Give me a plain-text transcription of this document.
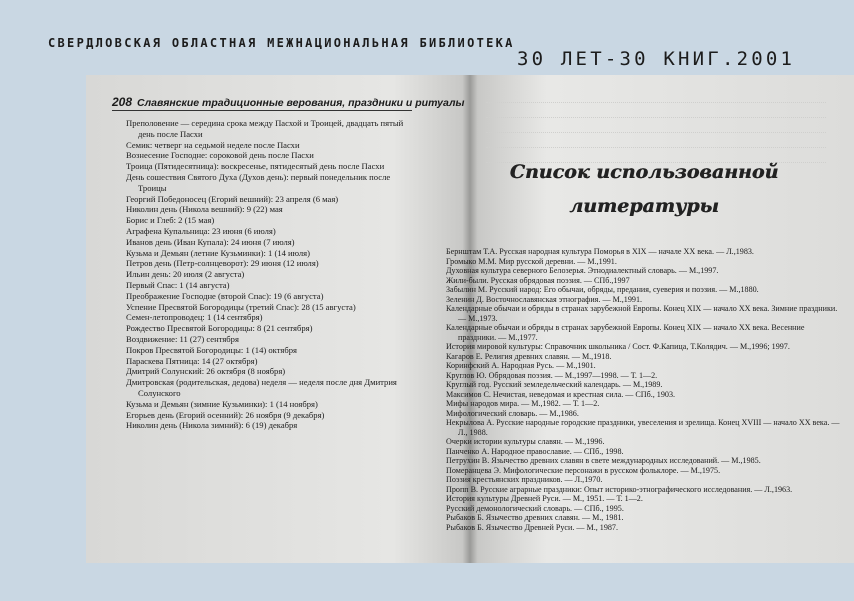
СВЕРДЛОВСКАЯ ОБЛАСТНАЯ МЕЖНАЦИОНАЛЬНАЯ БИБЛИОТЕКА
30 ЛЕТ-30 КНИГ.2001
208 Славянские традиционные верования, праздники и ритуалы
Преполовение — середина срока между Пасхой и Троицей, двадцать пятый день после Пасхи
Семик: четверг на седьмой неделе после Пасхи
Вознесение Господне: сороковой день после Пасхи
Троица (Пятидесятница): воскресенье, пятидесятый день после Пасхи
День сошествия Святого Духа (Духов день): первый понедельник после Троицы
Георгий Победоносец (Егорий вешний): 23 апреля (6 мая)
Николин день (Никола вешний): 9 (22) мая
Борис и Глеб: 2 (15 мая)
Аграфена Купальница: 23 июня (6 июля)
Иванов день (Иван Купала): 24 июня (7 июля)
Кузьма и Демьян (летние Кузьминки): 1 (14 июля)
Петров день (Петр-солнцеворот): 29 июня (12 июля)
Ильин день: 20 июля (2 августа)
Первый Спас: 1 (14 августа)
Преображение Господне (второй Спас): 19 (6 августа)
Успение Пресвятой Богородицы (третий Спас): 28 (15 августа)
Семен-летопроводец: 1 (14 сентября)
Рождество Пресвятой Богородицы: 8 (21 сентября)
Воздвижение: 11 (27) сентября
Покров Пресвятой Богородицы: 1 (14) октября
Параскева Пятница: 14 (27 октября)
Дмитрий Солунский: 26 октября (8 ноября)
Дмитровская (родительская, дедова) неделя — неделя после дня Дмитрия Солунского
Кузьма и Демьян (зимние Кузьминки): 1 (14 ноября)
Егорьев день (Егорий осенний): 26 ноября (9 декабря)
Николин день (Никола зимний): 6 (19) декабря
Список использованной
литературы
Бернштам Т.А. Русская народная культура Поморья в XIX — начале XX века. — Л.,1983.
Громыко М.М. Мир русской деревни. — М.,1991.
Духовная культура северного Белозерья. Этнодиалектный словарь. — М.,1997.
Жили-были. Русская обрядовая поэзия. — СПб.,1997
Забылин М. Русский народ: Его обычаи, обряды, предания, суеверия и поэзия. — М.,1880.
Зеленин Д. Восточнославянская этнография. — М.,1991.
Календарные обычаи и обряды в странах зарубежной Европы. Конец XIX — начало XX века. Зимние праздники. — М.,1973.
Календарные обычаи и обряды в странах зарубежной Европы. Конец XIX — начало XX века. Весенние праздники. — М.,1977.
История мировой культуры: Справочник школьника / Сост. Ф.Капица, Т.Колядич. — М.,1996; 1997.
Кагаров Е. Религия древних славян. — М.,1918.
Коринфский А. Народная Русь. — М.,1901.
Круглов Ю. Обрядовая поэзия. — М.,1997—1998. — Т. 1—2.
Круглый год. Русский земледельческий календарь. — М.,1989.
Максимов С. Нечистая, неведомая и крестная сила. — СПб., 1903.
Мифы народов мира. — М.,1982. — Т. 1—2.
Мифологический словарь. — М.,1986.
Некрылова А. Русские народные городские праздники, увеселения и зрелища. Конец XVIII — начало XX века. — Л., 1988.
Очерки истории культуры славян. — М.,1996.
Панченко А. Народное православие. — СПб., 1998.
Петрухин В. Язычество древних славян в свете международных исследований. — М.,1985.
Померанцева Э. Мифологические персонажи в русском фольклоре. — М.,1975.
Поэзия крестьянских праздников. — Л.,1970.
Пропп В. Русские аграрные праздники: Опыт историко-этнографического исследования. — Л.,1963.
История культуры Древней Руси. — М., 1951. — Т. 1—2.
Русский демонологический словарь. — СПб., 1995.
Рыбаков Б. Язычество древних славян. — М., 1981.
Рыбаков Б. Язычество Древней Руси. — М., 1987.
